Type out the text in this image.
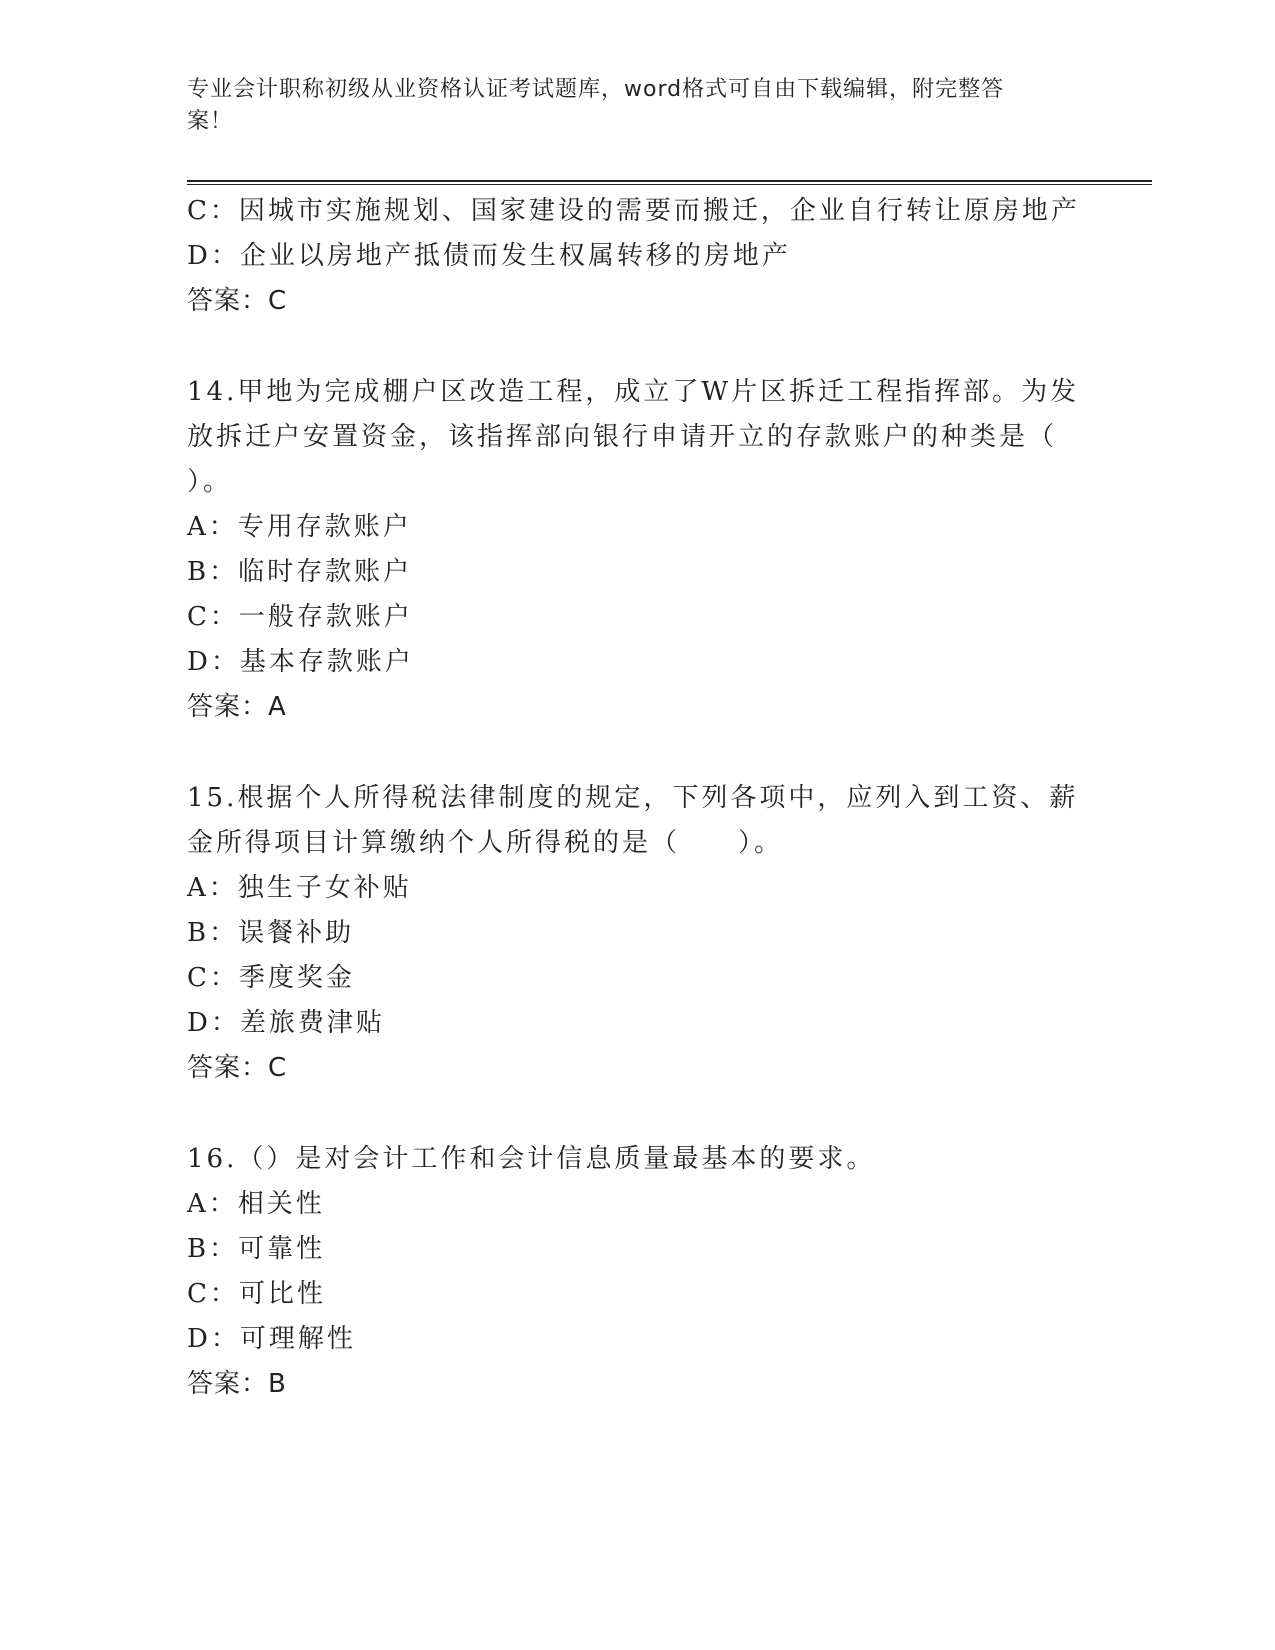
专业会计职称初级从业资格认证考试题库，word格式可自由下载编辑，附完整答
案！
C：因城市实施规划、国家建设的需要而搬迁，企业自行转让原房地产
D：企业以房地产抵债而发生权属转移的房地产
答案：C
14.甲地为完成棚户区改造工程，成立了W片区拆迁工程指挥部。为发
放拆迁户安置资金，该指挥部向银行申请开立的存款账户的种类是（
）。
A：专用存款账户
B：临时存款账户
C：一般存款账户
D：基本存款账户
答案：A
15.根据个人所得税法律制度的规定，下列各项中，应列入到工资、薪
金所得项目计算缴纳个人所得税的是（　　）。
A：独生子女补贴
B：误餐补助
C：季度奖金
D：差旅费津贴
答案：C
16.（）是对会计工作和会计信息质量最基本的要求。
A：相关性
B：可靠性
C：可比性
D：可理解性
答案：B
